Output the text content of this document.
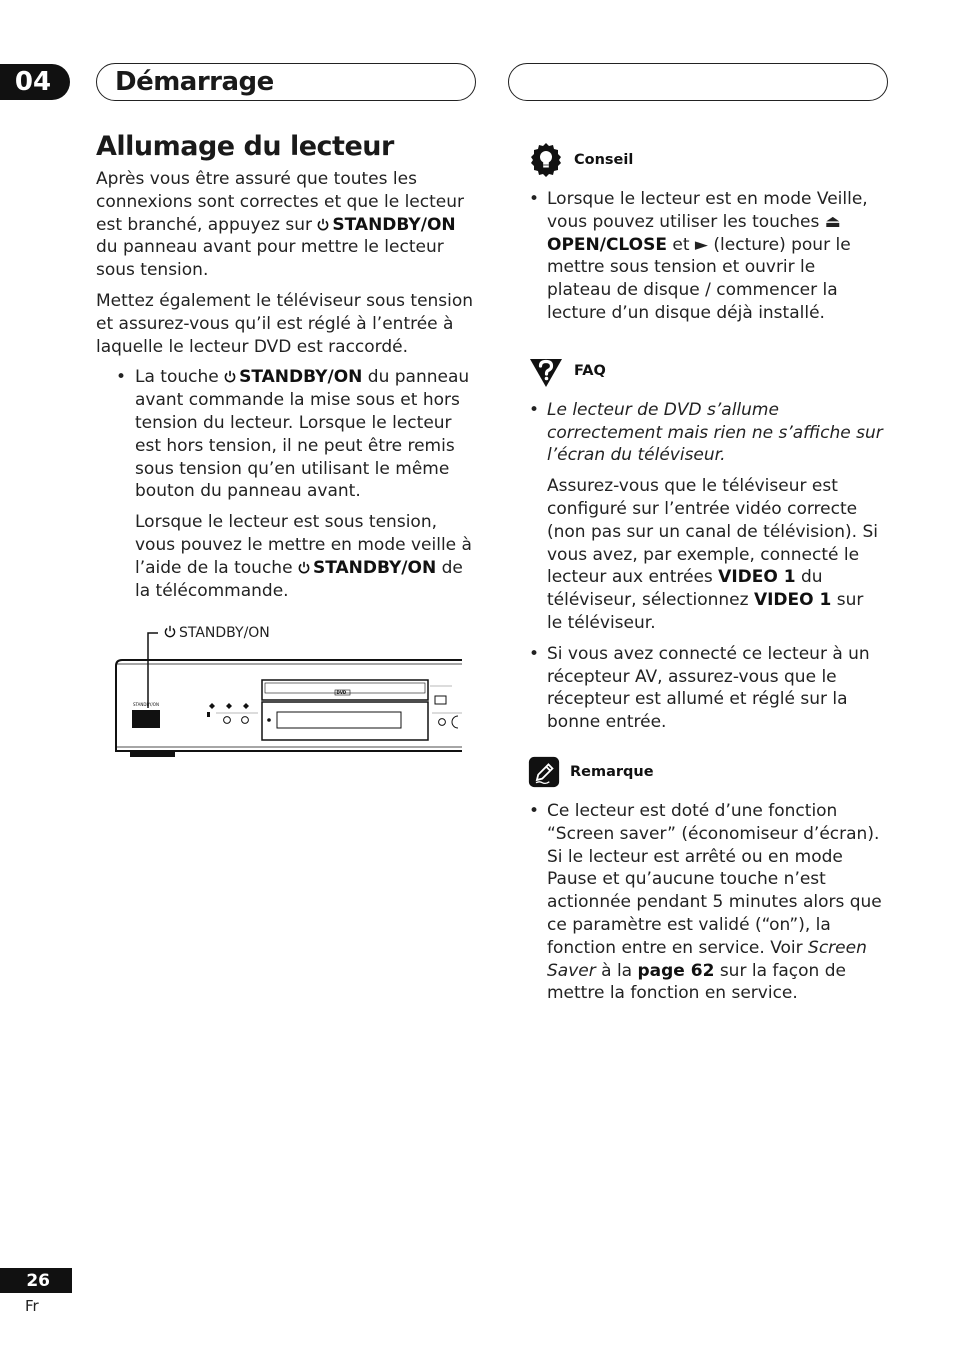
04	Démarrage
Allumage du lecteur

Après vous être assuré que toutes les connexions sont correctes et que le lecteur est branché, appuyez sur STANDBY/ON du panneau avant pour mettre le lecteur sous tension.

Mettez également le téléviseur sous tension et assurez-vous qu’il est réglé à l’entrée à laquelle le lecteur DVD est raccordé.

• La touche STANDBY/ON du panneau avant commande la mise sous et hors tension du lecteur. Lorsque le lecteur est hors tension, il ne peut être remis sous tension qu’en utilisant le même bouton du panneau avant.

Lorsque le lecteur est sous tension, vous pouvez le mettre en mode veille à l’aide de la touche STANDBY/ON de la télécommande.

STANDBY/ON
STANDBY/ON
DVD
Conseil
• Lorsque le lecteur est en mode Veille, vous pouvez utiliser les touches ⏏ OPEN/CLOSE et ► (lecture) pour le mettre sous tension et ouvrir le plateau de disque / commencer la lecture d’un disque déjà installé.

FAQ
• Le lecteur de DVD s’allume correctement mais rien ne s’affiche sur l’écran du téléviseur.

Assurez-vous que le téléviseur est configuré sur l’entrée vidéo correcte (non pas sur un canal de télévision). Si vous avez, par exemple, connecté le lecteur aux entrées VIDEO 1 du téléviseur, sélectionnez VIDEO 1 sur le téléviseur.

• Si vous avez connecté ce lecteur à un récepteur AV, assurez-vous que le récepteur est allumé et réglé sur la bonne entrée.

Remarque
• Ce lecteur est doté d’une fonction “Screen saver” (économiseur d’écran). Si le lecteur est arrêté ou en mode Pause et qu’aucune touche n’est actionnée pendant 5 minutes alors que ce paramètre est validé (“on”), la fonction entre en service. Voir Screen Saver à la page 62 sur la façon de mettre la fonction en service.

26
Fr
